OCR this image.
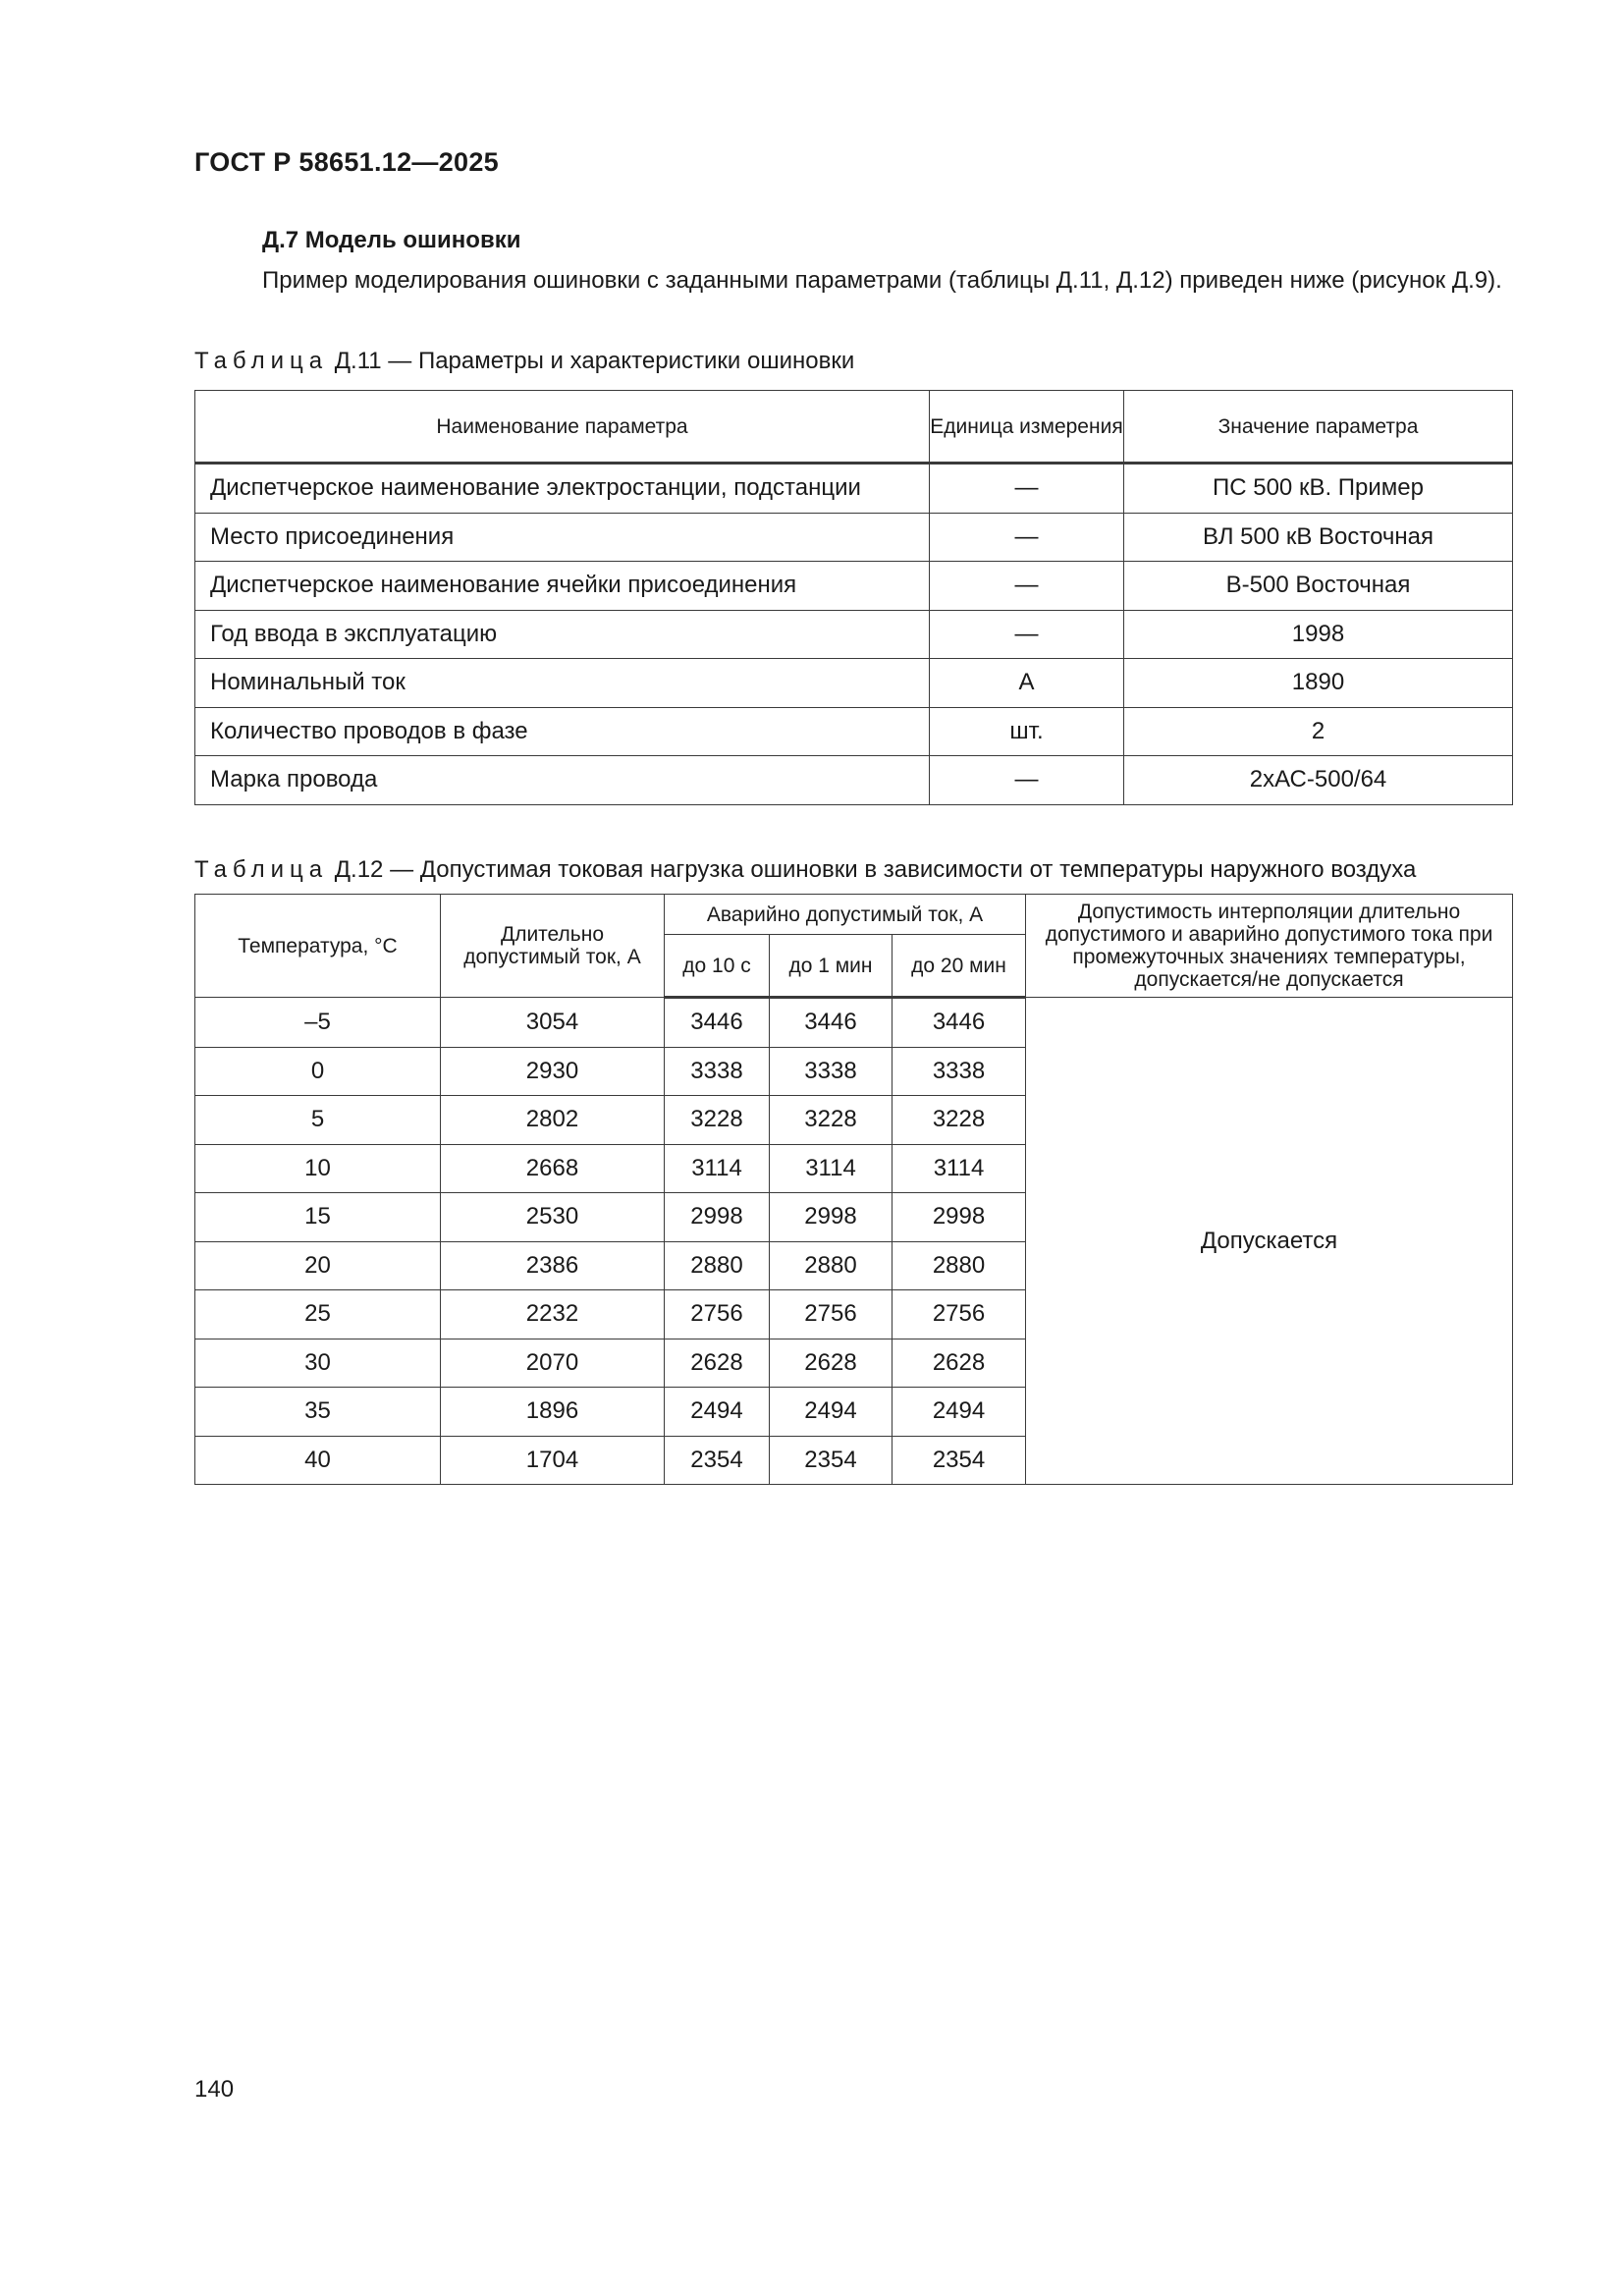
ГОСТ Р 58651.12—2025
Д.7 Модель ошиновки

Пример моделирования ошиновки с заданными параметрами (таблицы Д.11, Д.12) приведен ниже (рисунок Д.9).

Таблица Д.11 — Параметры и характеристики ошиновки
Наименование параметра	Единица измерения	Значение параметра
Диспетчерское наименование электростанции, подстанции	—	ПС 500 кВ. Пример
Место присоединения	—	ВЛ 500 кВ Восточная
Диспетчерское наименование ячейки присоединения	—	В-500 Восточная
Год ввода в эксплуатацию	—	1998
Номинальный ток	А	1890
Количество проводов в фазе	шт.	2
Марка провода	—	2хАС-500/64
Таблица Д.12 — Допустимая токовая нагрузка ошиновки в зависимости от температуры наружного воздуха
Температура, °С	Длительно допустимый ток, А	Аварийно допустимый ток, А			Допустимость интерполяции длительно допустимого и аварийно допустимого тока при промежуточных значениях температуры, допускается/не допускается
		до 10 с	до 1 мин	до 20 мин	
–5	3054	3446	3446	3446	Допускается
0	2930	3338	3338	3338	
5	2802	3228	3228	3228	
10	2668	3114	3114	3114	
15	2530	2998	2998	2998	
20	2386	2880	2880	2880	
25	2232	2756	2756	2756	
30	2070	2628	2628	2628	
35	1896	2494	2494	2494	
40	1704	2354	2354	2354	
140
